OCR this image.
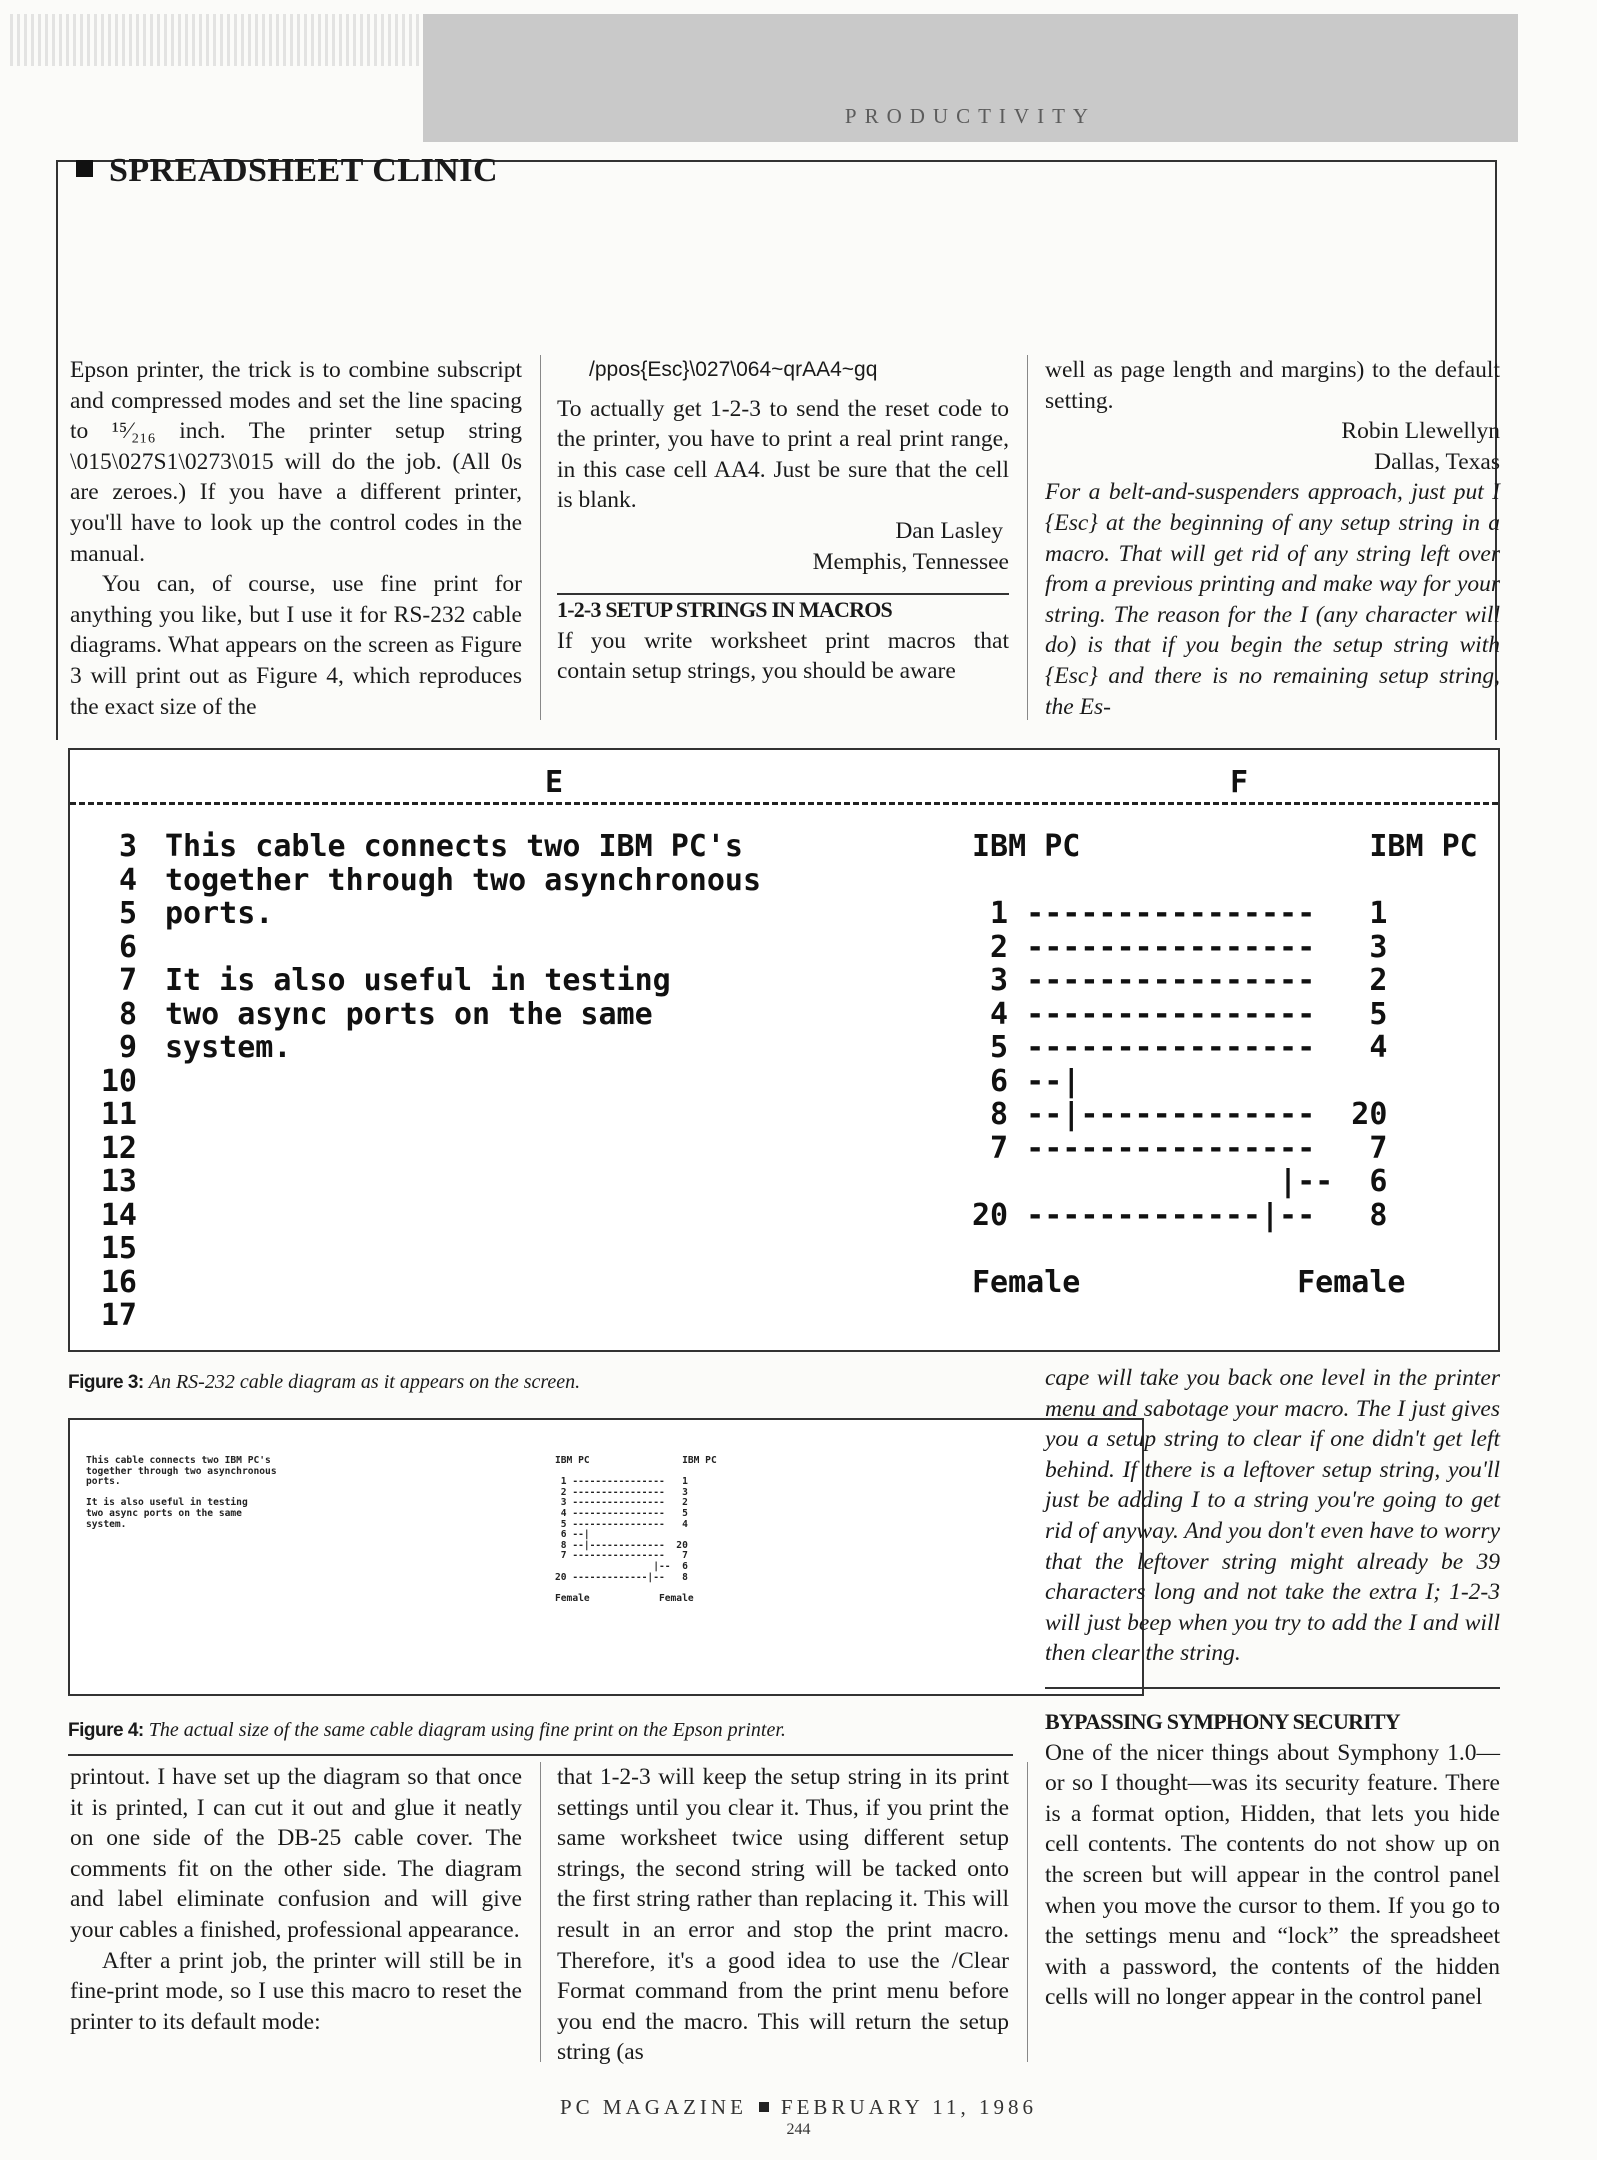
PRODUCTIVITY
SPREADSHEET CLINIC

Epson printer, the trick is to combine subscript and compressed modes and set the line spacing to ¹⁵⁄₂₁₆ inch. The printer setup string \015\027S1\0273\015 will do the job. (All 0s are zeroes.) If you have a different printer, you'll have to look up the control codes in the manual.

You can, of course, use fine print for anything you like, but I use it for RS-232 cable diagrams. What appears on the screen as Figure 3 will print out as Figure 4, which reproduces the exact size of the

/ppos{Esc}\027\064~qrAA4~gq

To actually get 1-2-3 to send the reset code to the printer, you have to print a real print range, in this case cell AA4. Just be sure that the cell is blank.

Dan Lasley

Memphis, Tennessee

1-2-3 SETUP STRINGS IN MACROS

If you write worksheet print macros that contain setup strings, you should be aware

well as page length and margins) to the default setting.

Robin Llewellyn

Dallas, Texas

For a belt-and-suspenders approach, just put I {Esc} at the beginning of any setup string in a macro. That will get rid of any string left over from a previous printing and make way for your string. The reason for the I (any character will do) is that if you begin the setup string with {Esc} and there is no remaining setup string, the Es-

E	F
3
4
5
6
7
8
9
10
11
12
13
14
15
16
17
This cable connects two IBM PC's
together through two asynchronous
ports.

It is also useful in testing
two async ports on the same
system.
IBM PC                IBM PC

1 ----------------   1
2 ----------------   3
3 ----------------   2
4 ----------------   5
5 ----------------   4
6 --|
8 --|-------------  20
7 ----------------   7
|--  6
20 -------------|--   8

Female            Female
Figure 3: An RS-232 cable diagram as it appears on the screen.
This cable connects two IBM PC's
together through two asynchronous
ports.

It is also useful in testing
two async ports on the same
system.
IBM PC                IBM PC

1 ----------------   1
2 ----------------   3
3 ----------------   2
4 ----------------   5
5 ----------------   4
6 --|
8 --|-------------  20
7 ----------------   7
|--  6
20 -------------|--   8

Female            Female
Figure 4: The actual size of the same cable diagram using fine print on the Epson printer.

cape will take you back one level in the printer menu and sabotage your macro. The I just gives you a setup string to clear if one didn't get left behind. If there is a leftover setup string, you'll just be adding I to a string you're going to get rid of anyway. And you don't even have to worry that the leftover string might already be 39 characters long and not take the extra I; 1-2-3 will just beep when you try to add the I and will then clear the string.

BYPASSING SYMPHONY SECURITY

One of the nicer things about Symphony 1.0—or so I thought—was its security feature. There is a format option, Hidden, that lets you hide cell contents. The contents do not show up on the screen but will appear in the control panel when you move the cursor to them. If you go to the settings menu and “lock” the spreadsheet with a password, the contents of the hidden cells will no longer appear in the control panel

printout. I have set up the diagram so that once it is printed, I can cut it out and glue it neatly on one side of the DB-25 cable cover. The comments fit on the other side. The diagram and label eliminate confusion and will give your cables a finished, professional appearance.

After a print job, the printer will still be in fine-print mode, so I use this macro to reset the printer to its default mode:

that 1-2-3 will keep the setup string in its print settings until you clear it. Thus, if you print the same worksheet twice using different setup strings, the second string will be tacked onto the first string rather than replacing it. This will result in an error and stop the print macro. Therefore, it's a good idea to use the /Clear Format command from the print menu before you end the macro. This will return the setup string (as

PC MAGAZINE FEBRUARY 11, 1986
244
